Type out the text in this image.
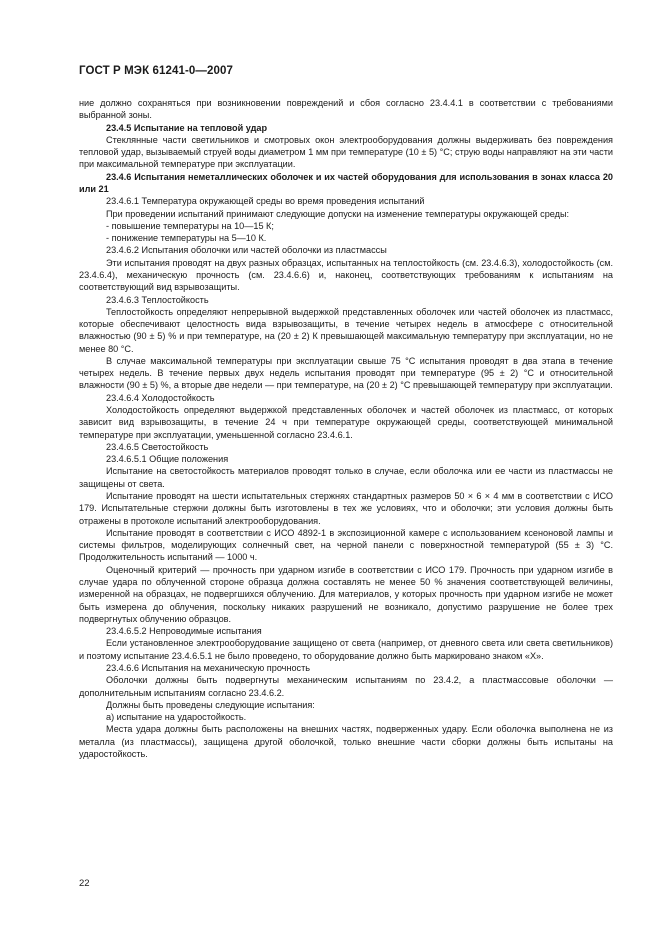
ГОСТ Р МЭК 61241-0—2007

ние должно сохраняться при возникновении повреждений и сбоя согласно 23.4.4.1 в соответствии с требованиями выбранной зоны.

23.4.5 Испытание на тепловой удар

Стеклянные части светильников и смотровых окон электрооборудования должны выдерживать без повреждения тепловой удар, вызываемый струей воды диаметром 1 мм при температуре (10 ± 5) °С; струю воды направляют на эти части при максимальной температуре при эксплуатации.

23.4.6 Испытания неметаллических оболочек и их частей оборудования для использования в зонах класса 20 или 21

23.4.6.1 Температура окружающей среды во время проведения испытаний

При проведении испытаний принимают следующие допуски на изменение температуры окружающей среды:

- повышение температуры на 10—15 К;

- понижение температуры на 5—10 К.

23.4.6.2 Испытания оболочки или частей оболочки из пластмассы

Эти испытания проводят на двух разных образцах, испытанных на теплостойкость (см. 23.4.6.3), холодостойкость (см. 23.4.6.4), механическую прочность (см. 23.4.6.6) и, наконец, соответствующих требованиям к испытаниям на соответствующий вид взрывозащиты.

23.4.6.3 Теплостойкость

Теплостойкость определяют непрерывной выдержкой представленных оболочек или частей оболочек из пластмасс, которые обеспечивают целостность вида взрывозащиты, в течение четырех недель в атмосфере с относительной влажностью (90 ± 5) % и при температуре, на (20 ± 2) К превышающей максимальную температуру при эксплуатации, но не менее 80 °С.

В случае максимальной температуры при эксплуатации свыше 75 °С испытания проводят в два этапа в течение четырех недель. В течение первых двух недель испытания проводят при температуре (95 ± 2) °С и относительной влажности (90 ± 5) %, а вторые две недели — при температуре, на (20 ± 2) °С превышающей температуру при эксплуатации.

23.4.6.4 Холодостойкость

Холодостойкость определяют выдержкой представленных оболочек и частей оболочек из пластмасс, от которых зависит вид взрывозащиты, в течение 24 ч при температуре окружающей среды, соответствующей минимальной температуре при эксплуатации, уменьшенной согласно 23.4.6.1.

23.4.6.5 Светостойкость

23.4.6.5.1 Общие положения

Испытание на светостойкость материалов проводят только в случае, если оболочка или ее части из пластмассы не защищены от света.

Испытание проводят на шести испытательных стержнях стандартных размеров 50 × 6 × 4 мм в соответствии с ИСО 179. Испытательные стержни должны быть изготовлены в тех же условиях, что и оболочки; эти условия должны быть отражены в протоколе испытаний электрооборудования.

Испытание проводят в соответствии с ИСО 4892-1 в экспозиционной камере с использованием ксеноновой лампы и системы фильтров, моделирующих солнечный свет, на черной панели с поверхностной температурой (55 ± 3) °С. Продолжительность испытаний — 1000 ч.

Оценочный критерий — прочность при ударном изгибе в соответствии с ИСО 179. Прочность при ударном изгибе в случае удара по облученной стороне образца должна составлять не менее 50 % значения соответствующей величины, измеренной на образцах, не подвергшихся облучению. Для материалов, у которых прочность при ударном изгибе не может быть измерена до облучения, поскольку никаких разрушений не возникало, допустимо разрушение не более трех подвергнутых облучению образцов.

23.4.6.5.2 Непроводимые испытания

Если установленное электрооборудование защищено от света (например, от дневного света или света светильников) и поэтому испытание 23.4.6.5.1 не было проведено, то оборудование должно быть маркировано знаком «Х».

23.4.6.6 Испытания на механическую прочность

Оболочки должны быть подвергнуты механическим испытаниям по 23.4.2, а пластмассовые оболочки — дополнительным испытаниям согласно 23.4.6.2.

Должны быть проведены следующие испытания:

а) испытание на ударостойкость.

Места удара должны быть расположены на внешних частях, подверженных удару. Если оболочка выполнена не из металла (из пластмассы), защищена другой оболочкой, только внешние части сборки должны быть испытаны на ударостойкость.

22
